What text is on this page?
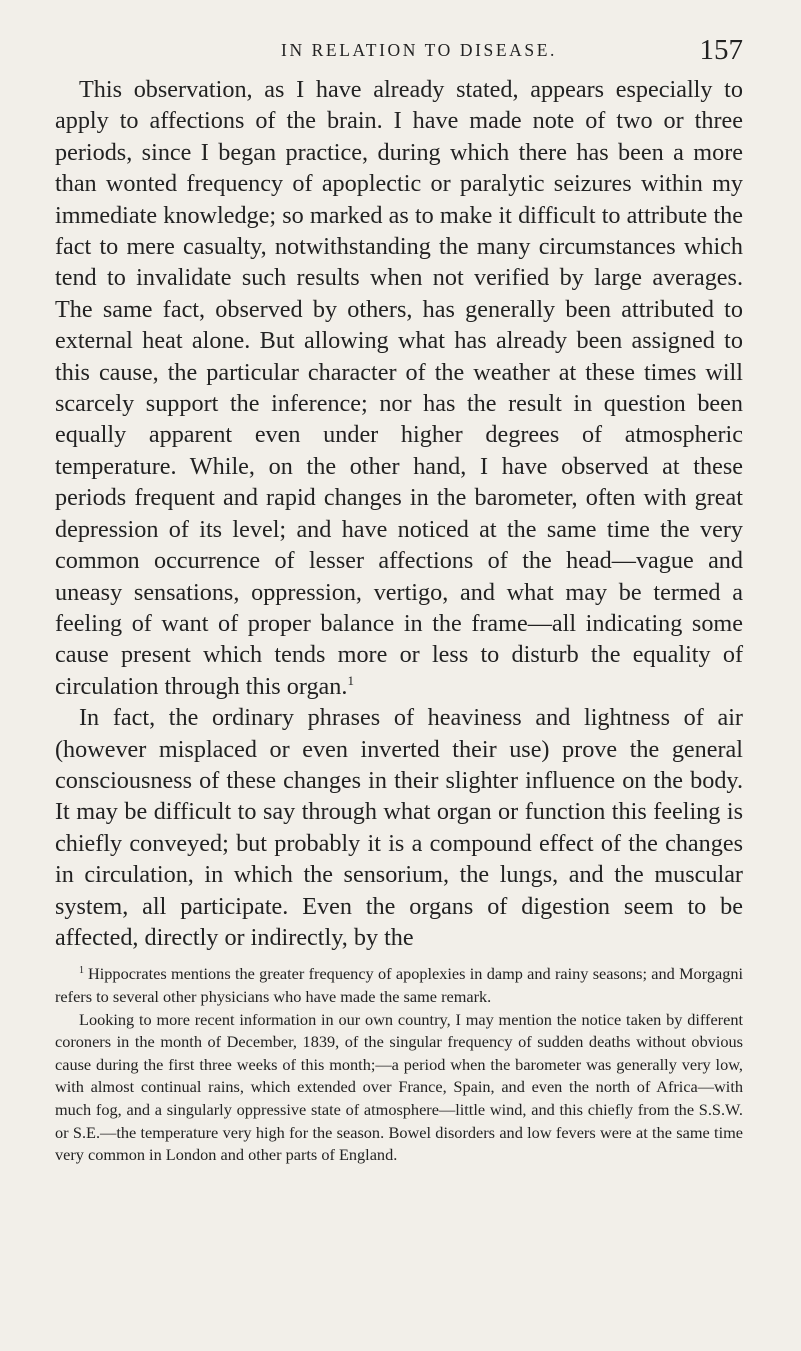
IN RELATION TO DISEASE.	157

This observation, as I have already stated, appears especially to apply to affections of the brain. I have made note of two or three periods, since I began practice, during which there has been a more than wonted frequency of apoplectic or paralytic seizures within my immediate knowledge; so marked as to make it difficult to attribute the fact to mere casualty, notwithstanding the many circumstances which tend to invalidate such results when not verified by large averages. The same fact, observed by others, has generally been attributed to external heat alone. But allowing what has already been assigned to this cause, the particular character of the weather at these times will scarcely support the inference; nor has the result in question been equally apparent even under higher degrees of atmospheric temperature. While, on the other hand, I have observed at these periods frequent and rapid changes in the barometer, often with great depression of its level; and have noticed at the same time the very common occurrence of lesser affections of the head—vague and uneasy sensations, oppression, vertigo, and what may be termed a feeling of want of proper balance in the frame—all indicating some cause present which tends more or less to disturb the equality of circulation through this organ.$^1$

In fact, the ordinary phrases of heaviness and lightness of air (however misplaced or even inverted their use) prove the general consciousness of these changes in their slighter influence on the body. It may be difficult to say through what organ or function this feeling is chiefly conveyed; but probably it is a compound effect of the changes in circulation, in which the sensorium, the lungs, and the muscular system, all participate. Even the organs of digestion seem to be affected, directly or indirectly, by the

$^1$ Hippocrates mentions the greater frequency of apoplexies in damp and rainy seasons; and Morgagni refers to several other physicians who have made the same remark.

Looking to more recent information in our own country, I may mention the notice taken by different coroners in the month of December, 1839, of the singular frequency of sudden deaths without obvious cause during the first three weeks of this month;—a period when the barometer was generally very low, with almost continual rains, which extended over France, Spain, and even the north of Africa—with much fog, and a singularly oppressive state of atmosphere—little wind, and this chiefly from the S.S.W. or S.E.—the temperature very high for the season. Bowel disorders and low fevers were at the same time very common in London and other parts of England.
